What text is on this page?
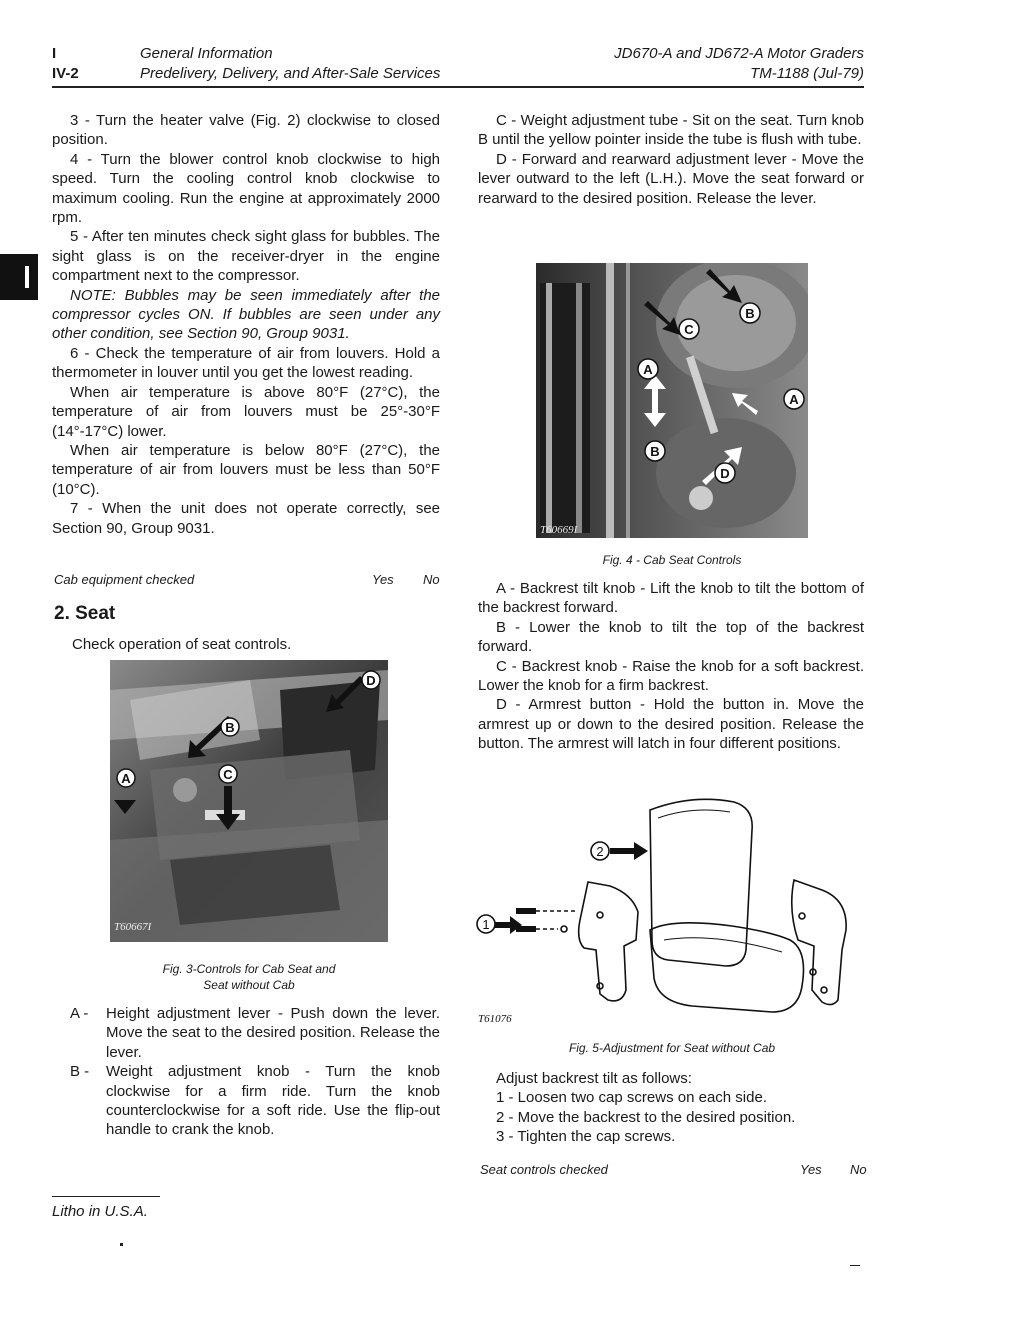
I
IV-2
General Information
Predelivery, Delivery, and After-Sale Services
JD670-A and JD672-A Motor Graders
TM-1188 (Jul-79)

3 - Turn the heater valve (Fig. 2) clockwise to closed position.

4 - Turn the blower control knob clockwise to high speed. Turn the cooling control knob clockwise to maximum cooling. Run the engine at approximately 2000 rpm.

5 - After ten minutes check sight glass for bubbles. The sight glass is on the receiver-dryer in the engine compartment next to the compressor.

NOTE: Bubbles may be seen immediately after the compressor cycles ON. If bubbles are seen under any other condition, see Section 90, Group 9031.

6 - Check the temperature of air from louvers. Hold a thermometer in louver until you get the lowest reading.

When air temperature is above 80°F (27°C), the temperature of air from louvers must be 25°-30°F (14°-17°C) lower.

When air temperature is below 80°F (27°C), the temperature of air from louvers must be less than 50°F (10°C).

7 - When the unit does not operate correctly, see Section 90, Group 9031.

Cab equipment checked	Yes No
2. Seat

Check operation of seat controls.

D
B
C
A
T60667I
Fig. 3-Controls for Cab Seat and
Seat without Cab
A - Height adjustment lever - Push down the lever. Move the seat to the desired position. Release the lever.
B - Weight adjustment knob - Turn the knob clockwise for a firm ride. Turn the knob counterclockwise for a soft ride. Use the flip-out handle to crank the knob.

C - Weight adjustment tube - Sit on the seat. Turn knob B until the yellow pointer inside the tube is flush with tube.

D - Forward and rearward adjustment lever - Move the lever outward to the left (L.H.). Move the seat forward or rearward to the desired position. Release the lever.

B
C
A
A
B
D
T60669I
Fig. 4 - Cab Seat Controls

A - Backrest tilt knob - Lift the knob to tilt the bottom of the backrest forward.

B - Lower the knob to tilt the top of the backrest forward.

C - Backrest knob - Raise the knob for a soft backrest. Lower the knob for a firm backrest.

D - Armrest button - Hold the button in. Move the armrest up or down to the desired position. Release the button. The armrest will latch in four different positions.

1
2
T61076
Fig. 5-Adjustment for Seat without Cab

Adjust backrest tilt as follows:

1 - Loosen two cap screws on each side.

2 - Move the backrest to the desired position.

3 - Tighten the cap screws.

Seat controls checked	Yes No
Litho in U.S.A.
